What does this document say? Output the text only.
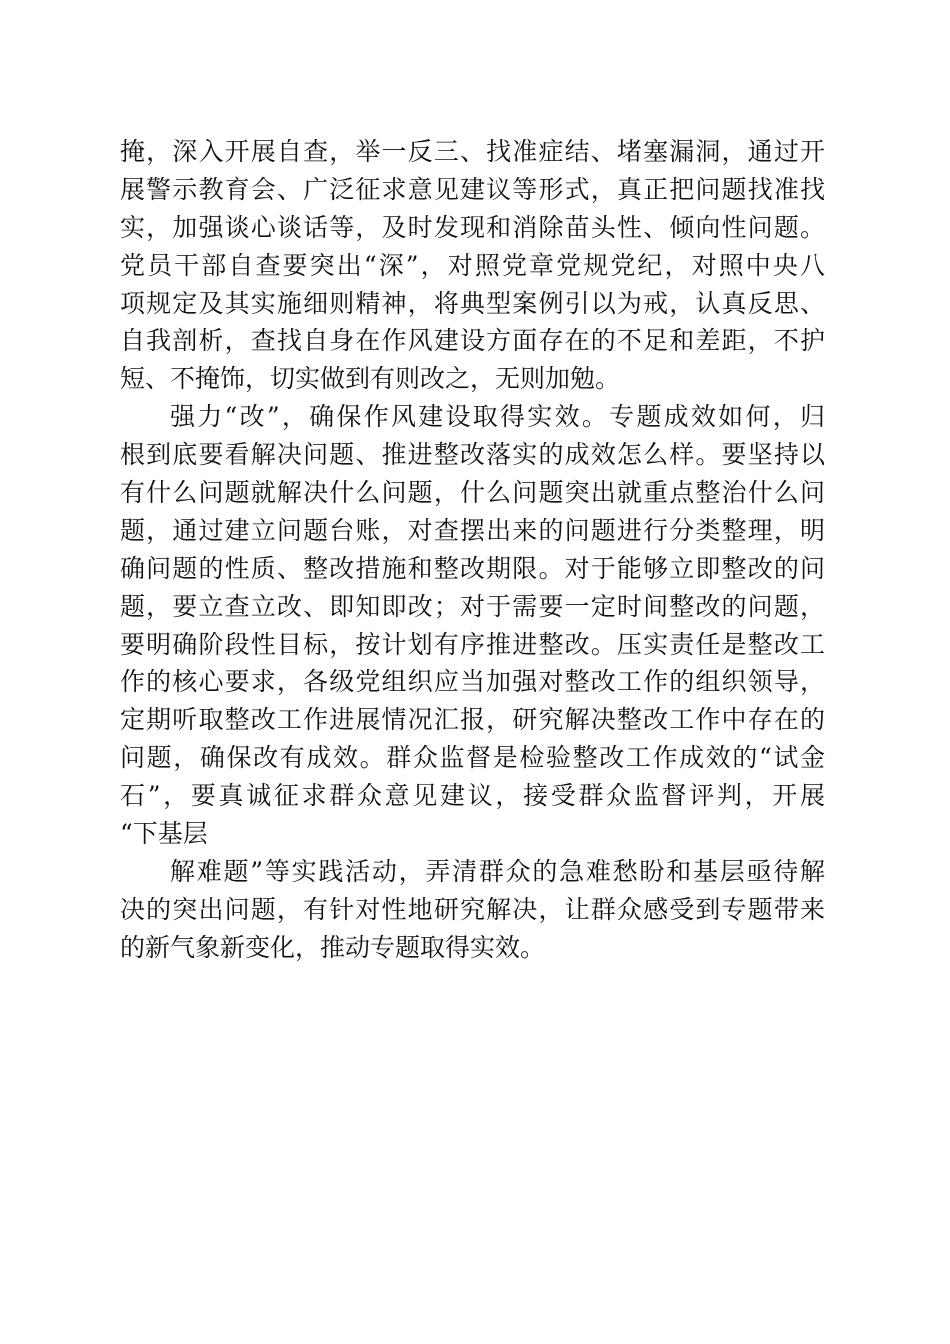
掩，深入开展自查，举一反三、找准症结、堵塞漏洞，通过开
展警示教育会、广泛征求意见建议等形式，真正把问题找准找
实，加强谈心谈话等，及时发现和消除苗头性、倾向性问题。
党员干部自查要突出“深”，对照党章党规党纪，对照中央八
项规定及其实施细则精神，将典型案例引以为戒，认真反思、
自我剖析，查找自身在作风建设方面存在的不足和差距，不护
短、不掩饰，切实做到有则改之，无则加勉。
强力“改”，确保作风建设取得实效。专题成效如何，归
根到底要看解决问题、推进整改落实的成效怎么样。要坚持以
有什么问题就解决什么问题，什么问题突出就重点整治什么问
题，通过建立问题台账，对查摆出来的问题进行分类整理，明
确问题的性质、整改措施和整改期限。对于能够立即整改的问
题，要立查立改、即知即改；对于需要一定时间整改的问题，
要明确阶段性目标，按计划有序推进整改。压实责任是整改工
作的核心要求，各级党组织应当加强对整改工作的组织领导，
定期听取整改工作进展情况汇报，研究解决整改工作中存在的
问题，确保改有成效。群众监督是检验整改工作成效的“试金
石”，要真诚征求群众意见建议，接受群众监督评判，开展
“下基层
解难题”等实践活动，弄清群众的急难愁盼和基层亟待解
决的突出问题，有针对性地研究解决，让群众感受到专题带来
的新气象新变化，推动专题取得实效。
